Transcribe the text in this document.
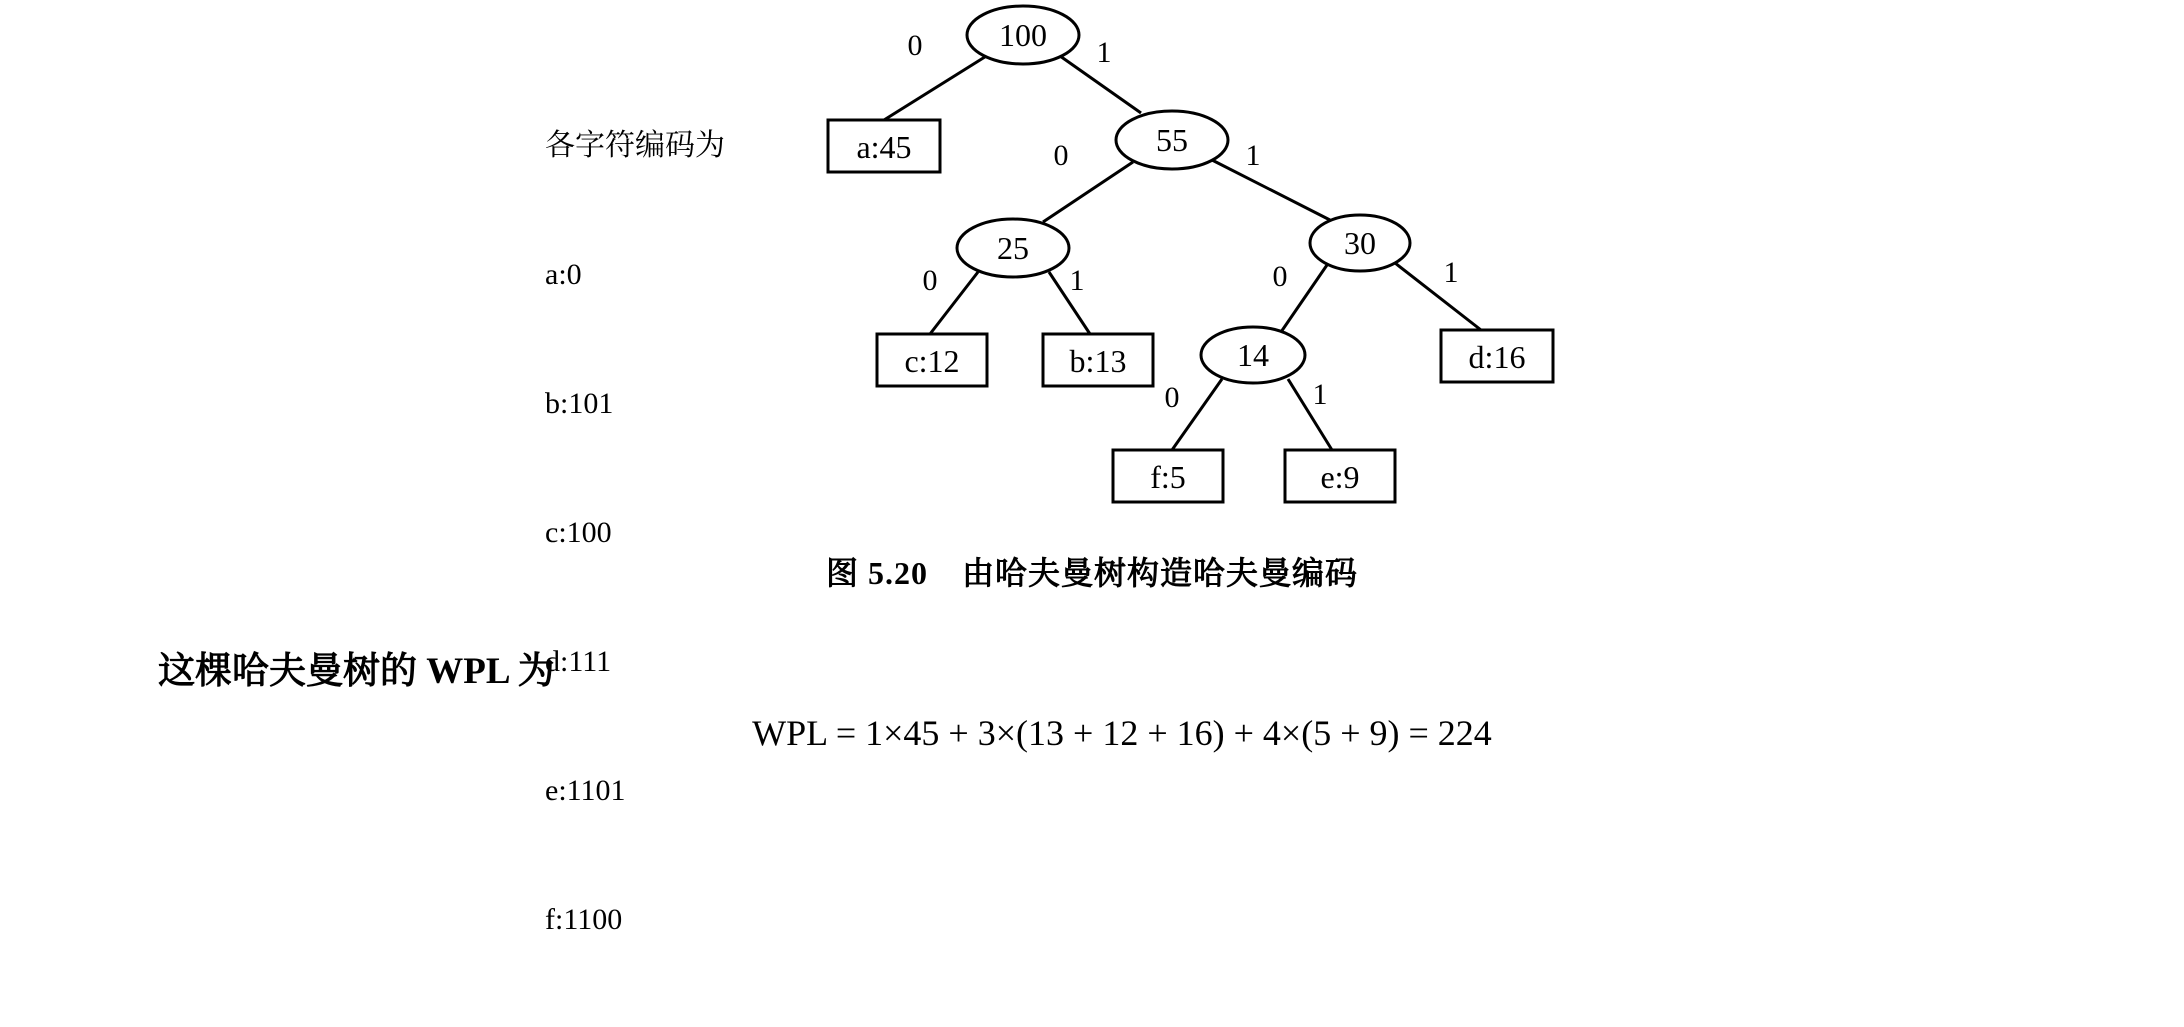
各字符编码为

a:0

b:101

c:100

d:111

e:1101

f:1100

100
55
25	30
14
a:45
c:12	b:13	d:16
f:5	e:9
0	1
0	1
0	1	0	1
0	1
图 5.20 由哈夫曼树构造哈夫曼编码
这棵哈夫曼树的 WPL 为
WPL = 1×45 + 3×(13 + 12 + 16) + 4×(5 + 9) = 224
